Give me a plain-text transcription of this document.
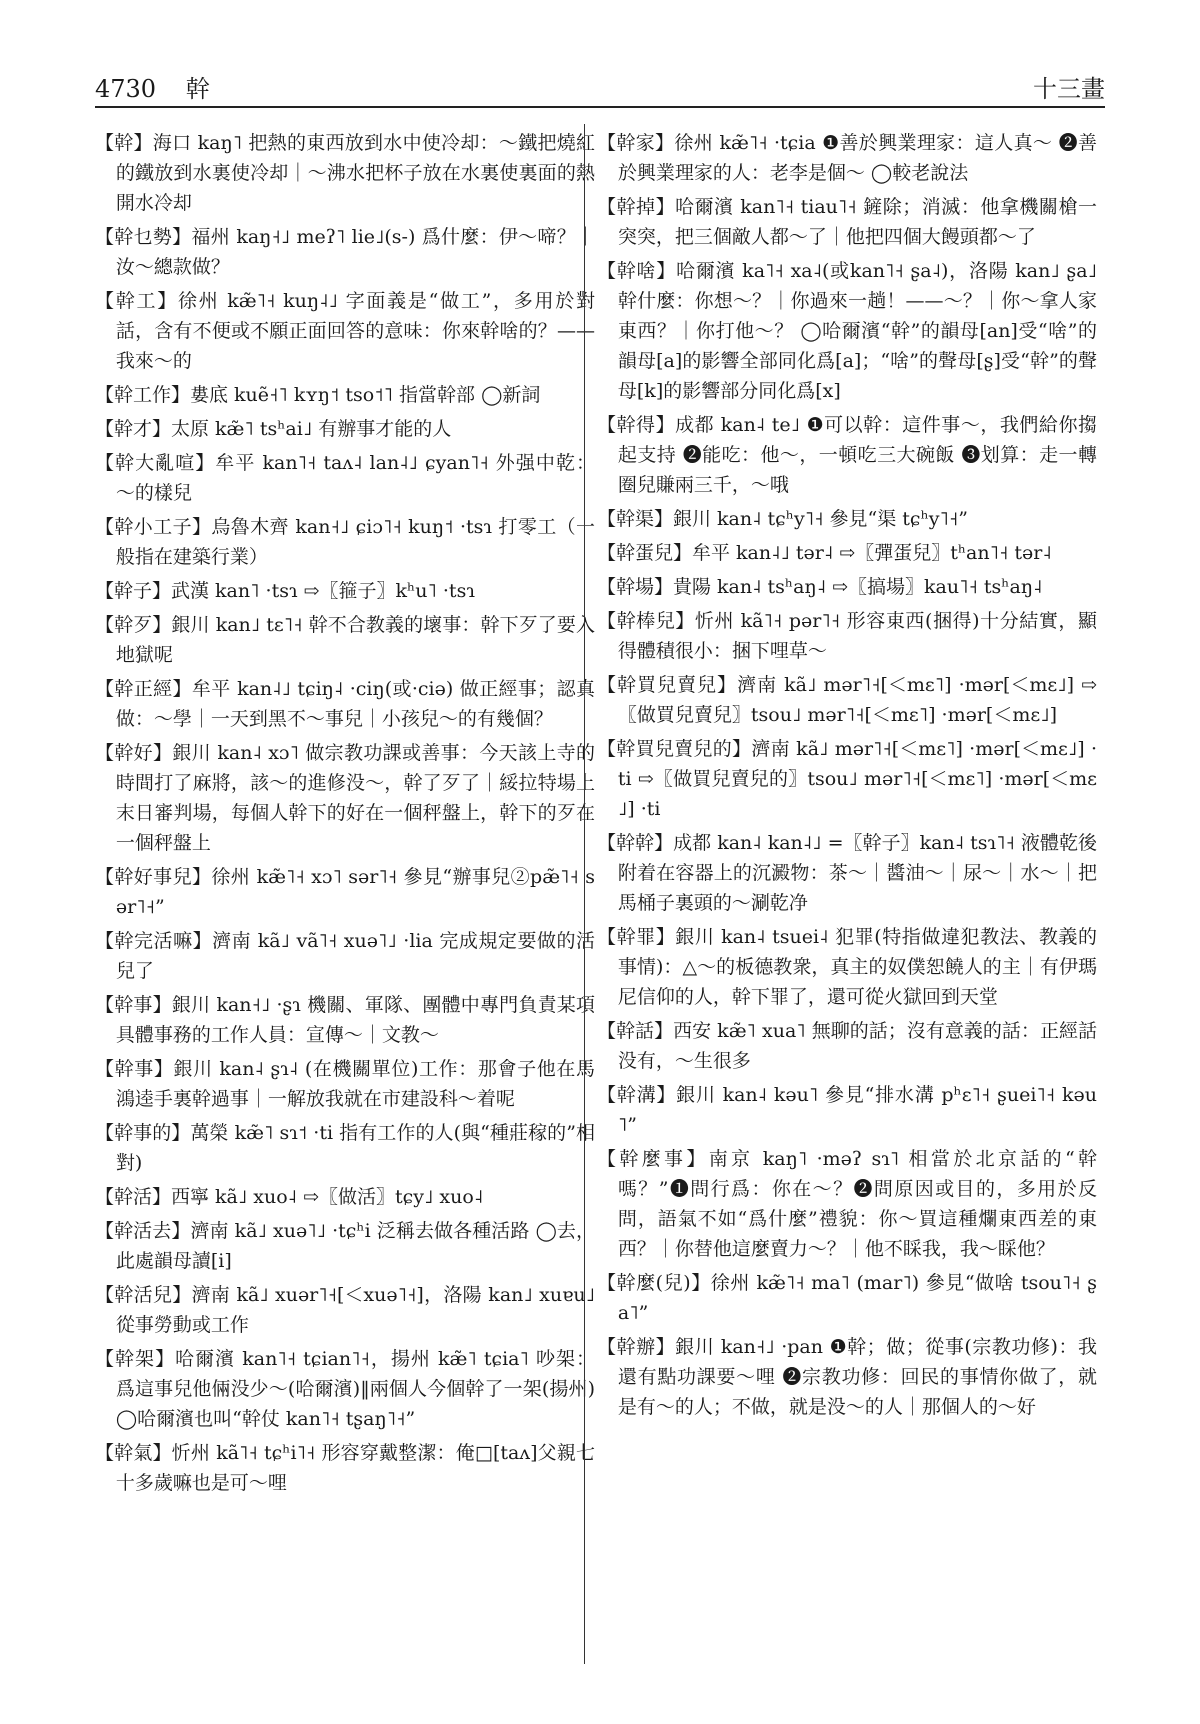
4730 幹	十三畫

【幹】海口 kaŋ˥ 把熱的東西放到水中使冷却：～鐵把燒紅的鐵放到水裏使冷却｜～沸水把杯子放在水裏使裏面的熱開水冷却

【幹乜勢】福州 kaŋ˧˩ meʔ˥ lie˩(s-) 爲什麼：伊～啼？｜汝～總款做？

【幹工】徐州 kæ̃˥˧ kuŋ˨˩ 字面義是“做工”，多用於對話，含有不便或不願正面回答的意味：你來幹啥的？——我來～的

【幹工作】婁底 kuẽ˧˥ kʏŋ˦ tso˦˥ 指當幹部 ◯新詞

【幹才】太原 kæ̃˥ tsʰai˩ 有辦事才能的人

【幹大亂喧】牟平 kan˥˧ taʌ˨ lan˨˩ ɕyan˥˧ 外强中乾：～的樣兒

【幹小工子】烏魯木齊 kan˧˩ ɕiɔ˥˧ kuŋ˦ ·tsɿ 打零工（一般指在建築行業）

【幹子】武漢 kan˥ ·tsɿ ⇨〖箍子〗kʰu˥ ·tsɿ

【幹歹】銀川 kan˩ tɛ˥˧ 幹不合教義的壞事：幹下歹了要入地獄呢

【幹正經】牟平 kan˨˩ tɕiŋ˨ ·ciŋ(或·ciə) 做正經事；認真做：～學｜一天到黑不～事兒｜小孩兒～的有幾個？

【幹好】銀川 kan˨ xɔ˥ 做宗教功課或善事：今天該上寺的時間打了麻將，該～的進修没～，幹了歹了｜綏拉特場上末日審判場，每個人幹下的好在一個秤盤上，幹下的歹在一個秤盤上

【幹好事兒】徐州 kæ̃˥˧ xɔ˥ sər˥˧ 參見“辦事兒②pæ̃˥˧ sər˥˧”

【幹完活嘛】濟南 kã˩ vã˥˧ xuə˥˩ ·lia 完成規定要做的活兒了

【幹事】銀川 kan˧˩ ·ʂɿ 機關、軍隊、團體中專門負責某項具體事務的工作人員：宣傳～｜文教～

【幹事】銀川 kan˨ ʂɿ˨ (在機關單位)工作：那會子他在馬鴻逵手裏幹過事｜一解放我就在市建設科～着呢

【幹事的】萬榮 kæ̃˥ sɿ˦ ·ti 指有工作的人(與“種莊稼的”相對)

【幹活】西寧 kã˩ xuo˨ ⇨〖做活〗tɕy˩ xuo˨

【幹活去】濟南 kã˩ xuə˥˩ ·tɕʰi 泛稱去做各種活路 ◯去，此處韻母讀[i]

【幹活兒】濟南 kã˩ xuər˥˧[＜xuə˥˧]，洛陽 kan˩ xuɐu˩ 從事勞動或工作

【幹架】哈爾濱 kan˥˧ tɕian˥˧，揚州 kæ̃˥ tɕia˥ 吵架：爲這事兒他倆没少～(哈爾濱)‖兩個人今個幹了一架(揚州) ◯哈爾濱也叫“幹仗 kan˥˧ tʂaŋ˥˧”

【幹氣】忻州 kã˥˧ tɕʰi˥˧ 形容穿戴整潔：俺□[taʌ]父親七十多歲嘛也是可～哩

【幹家】徐州 kæ̃˥˧ ·tɕia ❶善於興業理家：這人真～ ❷善於興業理家的人：老李是個～ ◯較老說法

【幹掉】哈爾濱 kan˥˧ tiau˥˧ 鏟除；消滅：他拿機關槍一突突，把三個敵人都～了｜他把四個大饅頭都～了

【幹啥】哈爾濱 ka˥˧ xa˨(或kan˥˧ ʂa˨)，洛陽 kan˩ ʂa˩ 幹什麼：你想～？｜你過來一趟！——～？｜你～拿人家東西？｜你打他～？ ◯哈爾濱“幹”的韻母[an]受“啥”的韻母[a]的影響全部同化爲[a]；“啥”的聲母[ʂ]受“幹”的聲母[k]的影響部分同化爲[x]

【幹得】成都 kan˨ te˩ ❶可以幹：這件事～，我們給你搊起支持 ❷能吃：他～，一頓吃三大碗飯 ❸划算：走一轉圈兒賺兩三千，～哦

【幹渠】銀川 kan˨ tɕʰy˥˧ 參見“渠 tɕʰy˥˧”

【幹蛋兒】牟平 kan˨˩ tər˨ ⇨〖彈蛋兒〗tʰan˥˧ tər˨

【幹場】貴陽 kan˨ tsʰaŋ˨ ⇨〖搞場〗kau˥˧ tsʰaŋ˨

【幹棒兒】忻州 kã˥˧ pər˥˧ 形容東西(捆得)十分結實，顯得體積很小：捆下哩草～

【幹買兒賣兒】濟南 kã˩ mər˥˧[＜mɛ˥] ·mər[＜mɛ˩] ⇨〖做買兒賣兒〗tsou˩ mər˥˧[＜mɛ˥] ·mər[＜mɛ˩]

【幹買兒賣兒的】濟南 kã˩ mər˥˧[＜mɛ˥] ·mər[＜mɛ˩] ·ti ⇨〖做買兒賣兒的〗tsou˩ mər˥˧[＜mɛ˥] ·mər[＜mɛ˩] ·ti

【幹幹】成都 kan˨ kan˨˩ =〖幹子〗kan˨ tsɿ˥˧ 液體乾後附着在容器上的沉澱物：茶～｜醬油～｜尿～｜水～｜把馬桶子裏頭的～涮乾净

【幹罪】銀川 kan˨ tsuei˨ 犯罪(特指做違犯教法、教義的事情)：△～的板德教衆，真主的奴僕恕饒人的主｜有伊瑪尼信仰的人，幹下罪了，還可從火獄回到天堂

【幹話】西安 kæ̃˥ xua˥ 無聊的話；沒有意義的話：正經話没有，～生很多

【幹溝】銀川 kan˨ kəu˥ 參見“排水溝 pʰɛ˥˧ ʂuei˥˧ kəu˥”

【幹麼事】南京 kaŋ˥ ·məʔ sɿ˥ 相當於北京話的“幹嗎？”❶問行爲：你在～？❷問原因或目的，多用於反問，語氣不如“爲什麼”禮貌：你～買這種爛東西差的東西？｜你替他這麼賣力～？｜他不睬我，我～睬他？

【幹麼(兒)】徐州 kæ̃˥˧ ma˥ (mar˥) 參見“做啥 tsou˥˧ ʂa˥”

【幹辦】銀川 kan˧˩ ·pan ❶幹；做；從事(宗教功修)：我還有點功課要～哩 ❷宗教功修：回民的事情你做了，就是有～的人；不做，就是没～的人｜那個人的～好
